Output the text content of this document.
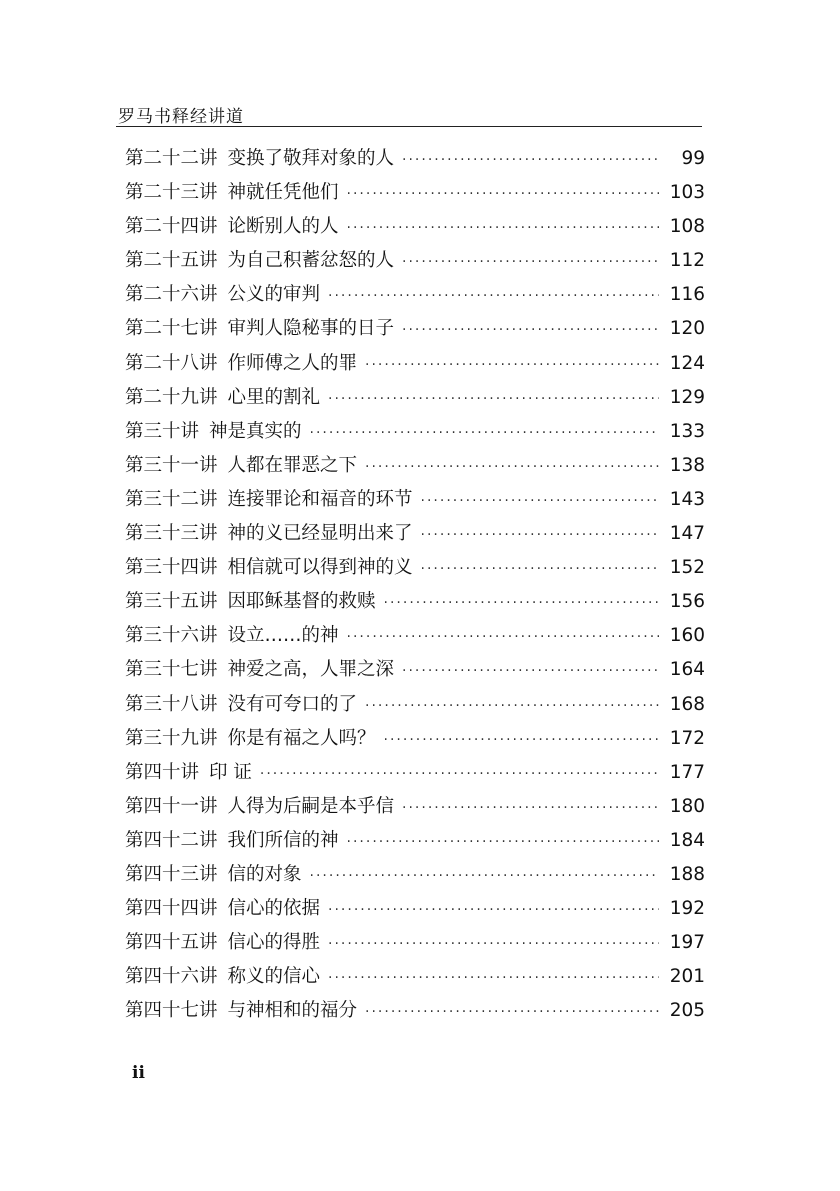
罗马书释经讲道
第二十二讲 变换了敬拜对象的人 ·····	99
第二十三讲 神就任凭他们 ·····	103
第二十四讲 论断别人的人 ·····	108
第二十五讲 为自己积蓄忿怒的人 ·····	112
第二十六讲 公义的审判 ·····	116
第二十七讲 审判人隐秘事的日子 ·····	120
第二十八讲 作师傅之人的罪 ·····	124
第二十九讲 心里的割礼 ·····	129
第三十讲 神是真实的 ·····	133
第三十一讲 人都在罪恶之下 ·····	138
第三十二讲 连接罪论和福音的环节 ·····	143
第三十三讲 神的义已经显明出来了 ·····	147
第三十四讲 相信就可以得到神的义 ·····	152
第三十五讲 因耶稣基督的救赎 ·····	156
第三十六讲 设立……的神 ·····	160
第三十七讲 神爱之高，人罪之深 ·····	164
第三十八讲 没有可夸口的了 ·····	168
第三十九讲 你是有福之人吗？ ·····	172
第四十讲 印 证 ·····	177
第四十一讲 人得为后嗣是本乎信 ·····	180
第四十二讲 我们所信的神 ·····	184
第四十三讲 信的对象 ·····	188
第四十四讲 信心的依据 ·····	192
第四十五讲 信心的得胜 ·····	197
第四十六讲 称义的信心 ·····	201
第四十七讲 与神相和的福分 ·····	205
ii
